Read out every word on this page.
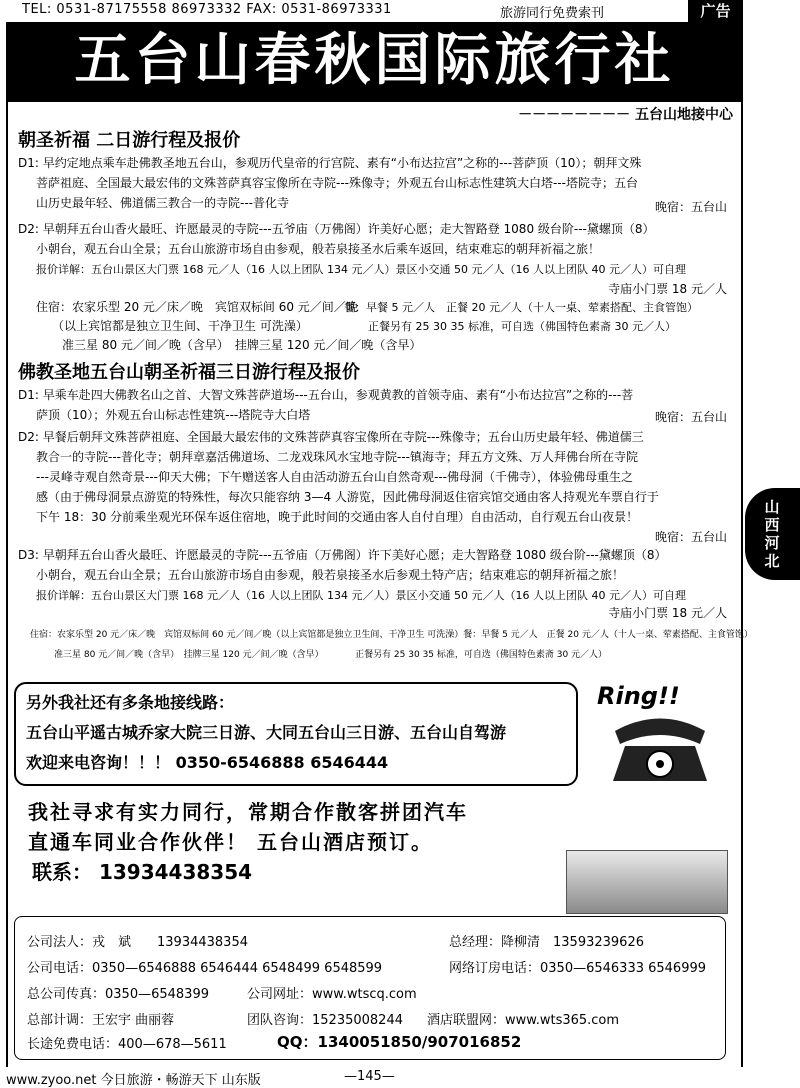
TEL: 0531-87175558 86973332 FAX: 0531-86973331	旅游同行免费索刊	广告
五台山春秋国际旅行社
－－－－－－－－ 五台山地接中心
朝圣祈福 二日游行程及报价
D1: 早约定地点乘车赴佛教圣地五台山，参观历代皇帝的行宫院、素有“小布达拉宫”之称的---菩萨顶（10）；朝拜文殊
菩萨祖庭、全国最大最宏伟的文殊菩萨真容宝像所在寺院---殊像寺；外观五台山标志性建筑大白塔---塔院寺；五台
山历史最年轻、佛道儒三教合一的寺院---普化寺	晚宿：五台山
D2: 早朝拜五台山香火最旺、许愿最灵的寺院---五爷庙（万佛阁）许美好心愿；走大智路登 1080 级台阶---黛螺顶（8）
小朝台，观五台山全景；五台山旅游市场自由参观，般若泉接圣水后乘车返回，结束难忘的朝拜祈福之旅！
报价详解：五台山景区大门票 168 元／人（16 人以上团队 134 元／人）景区小交通 50 元／人（16 人以上团队 40 元／人）可自理
寺庙小门票 18 元／人
住宿：农家乐型 20 元／床／晚　宾馆双标间 60 元／间／晚
（以上宾馆都是独立卫生间、干净卫生 可洗澡）
准三星 80 元／间／晚（含早）　挂牌三星 120 元／间／晚（含早）
餐：早餐 5 元／人　正餐 20 元／人（十人一桌、荤素搭配、主食管饱）
正餐另有 25 30 35 标准，可自选（佛国特色素斋 30 元／人）
佛教圣地五台山朝圣祈福三日游行程及报价
D1: 早乘车赴四大佛教名山之首、大智文殊菩萨道场---五台山，参观黄教的首领寺庙、素有“小布达拉宫”之称的---菩
萨顶（10）；外观五台山标志性建筑---塔院寺大白塔	晚宿：五台山
D2: 早餐后朝拜文殊菩萨祖庭、全国最大最宏伟的文殊菩萨真容宝像所在寺院---殊像寺；五台山历史最年轻、佛道儒三
教合一的寺院---普化寺；朝拜章嘉活佛道场、二龙戏珠风水宝地寺院---镇海寺；拜五方文殊、万人拜佛台所在寺院
---灵峰寺观自然奇景---仰天大佛；下午赠送客人自由活动游五台山自然奇观---佛母洞（千佛寺），体验佛母重生之
感（由于佛母洞景点游览的特殊性，每次只能容纳 3—4 人游览，因此佛母洞返住宿宾馆交通由客人持观光车票自行于
下午 18：30 分前乘坐观光环保车返住宿地，晚于此时间的交通由客人自付自理）自由活动，自行观五台山夜景！
晚宿：五台山
D3: 早朝拜五台山香火最旺、许愿最灵的寺院---五爷庙（万佛阁）许下美好心愿；走大智路登 1080 级台阶---黛螺顶（8）
小朝台，观五台山全景；五台山旅游市场自由参观，般若泉接圣水后参观土特产店；结束难忘的朝拜祈福之旅！
报价详解：五台山景区大门票 168 元／人（16 人以上团队 134 元／人）景区小交通 50 元／人（16 人以上团队 40 元／人）可自理
寺庙小门票 18 元／人
住宿：农家乐型 20 元／床／晚　宾馆双标间 60 元／间／晚（以上宾馆都是独立卫生间、干净卫生 可洗澡）餐：早餐 5 元／人　正餐 20 元／人（十人一桌、荤素搭配、主食管饱）
准三星 80 元／间／晚（含早）　挂牌三星 120 元／间／晚（含早）　　　　正餐另有 25 30 35 标准，可自选（佛国特色素斋 30 元／人）
另外我社还有多条地接线路：
五台山平遥古城乔家大院三日游、大同五台山三日游、五台山自驾游
欢迎来电咨询！！！ 0350-6546888 6546444
Ring!!
我社寻求有实力同行，常期合作散客拼团汽车
直通车同业合作伙伴！ 五台山酒店预订。
联系： 13934438354
公司法人：戎　斌　　13934438354	总经理：降柳清　13593239626
公司电话：0350—6546888 6546444 6548499 6548599	网络订房电话：0350—6546333 6546999
总公司传真：0350—6548399	公司网址：www.wtscq.com
总部计调：王宏宇 曲丽蓉	团队咨询：15235008244 酒店联盟网：www.wts365.com
长途免费电话：400—678—5611	QQ：1340051850/907016852
山西河北
www.zyoo.net 今日旅游・畅游天下 山东版	—145—
